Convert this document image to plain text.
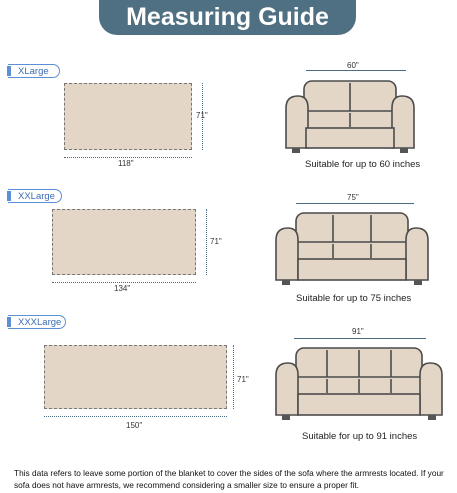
Measuring Guide
XLarge
71"
118"
60"
Suitable for up to 60 inches
XXLarge
71"
134"
75"
Suitable for up to 75 inches
XXXLarge
71"
150"
91"
Suitable for up to 91 inches
This data refers to leave some portion of the blanket to cover the sides of the sofa where the armrests located. If your sofa does not have armrests, we recommend considering a smaller size to ensure a proper fit.
